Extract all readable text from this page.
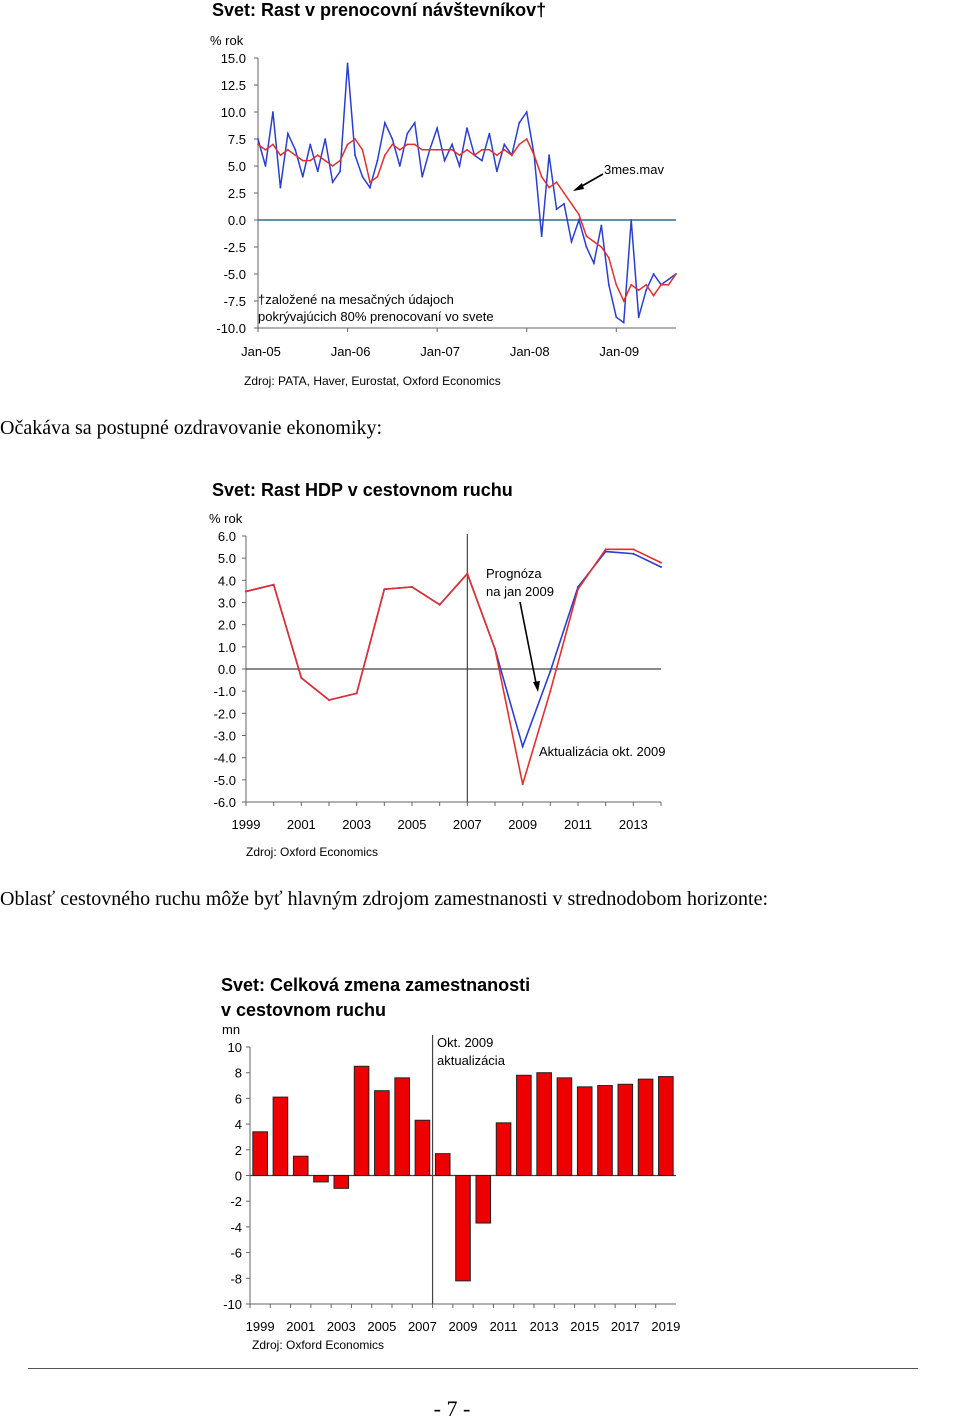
Svet: Rast v prenocovní návštevníkov†
% rok
15.0
12.5
10.0
7.5
5.0
2.5
0.0
-2.5
-5.0
-7.5
-10.0
Jan-05	Jan-06	Jan-07	Jan-08	Jan-09
3mes.mav
†založené na mesačných údajoch
pokrývajúcich 80% prenocovaní vo svete
Zdroj: PATA, Haver, Eurostat, Oxford Economics

Očakáva sa postupné ozdravovanie ekonomiky:

Svet: Rast HDP v cestovnom ruchu
% rok
6.0
5.0
4.0
3.0
2.0
1.0
0.0
-1.0
-2.0
-3.0
-4.0
-5.0
-6.0
1999 2001 2003 2005 2007 2009 2011 2013
Prognóza
na jan 2009
Aktualizácia okt. 2009
Zdroj: Oxford Economics

Oblasť cestovného ruchu môže byť hlavným zdrojom zamestnanosti v strednodobom horizonte:

Svet: Celková zmena zamestnanosti
v cestovnom ruchu
mn
10
8
6
4
2
0
-2
-4
-6
-8
-10
1999 2001 2003 2005 2007 2009 2011 2013 2015 2017 2019
Okt. 2009
aktualizácia
Zdroj: Oxford Economics
- 7 -
